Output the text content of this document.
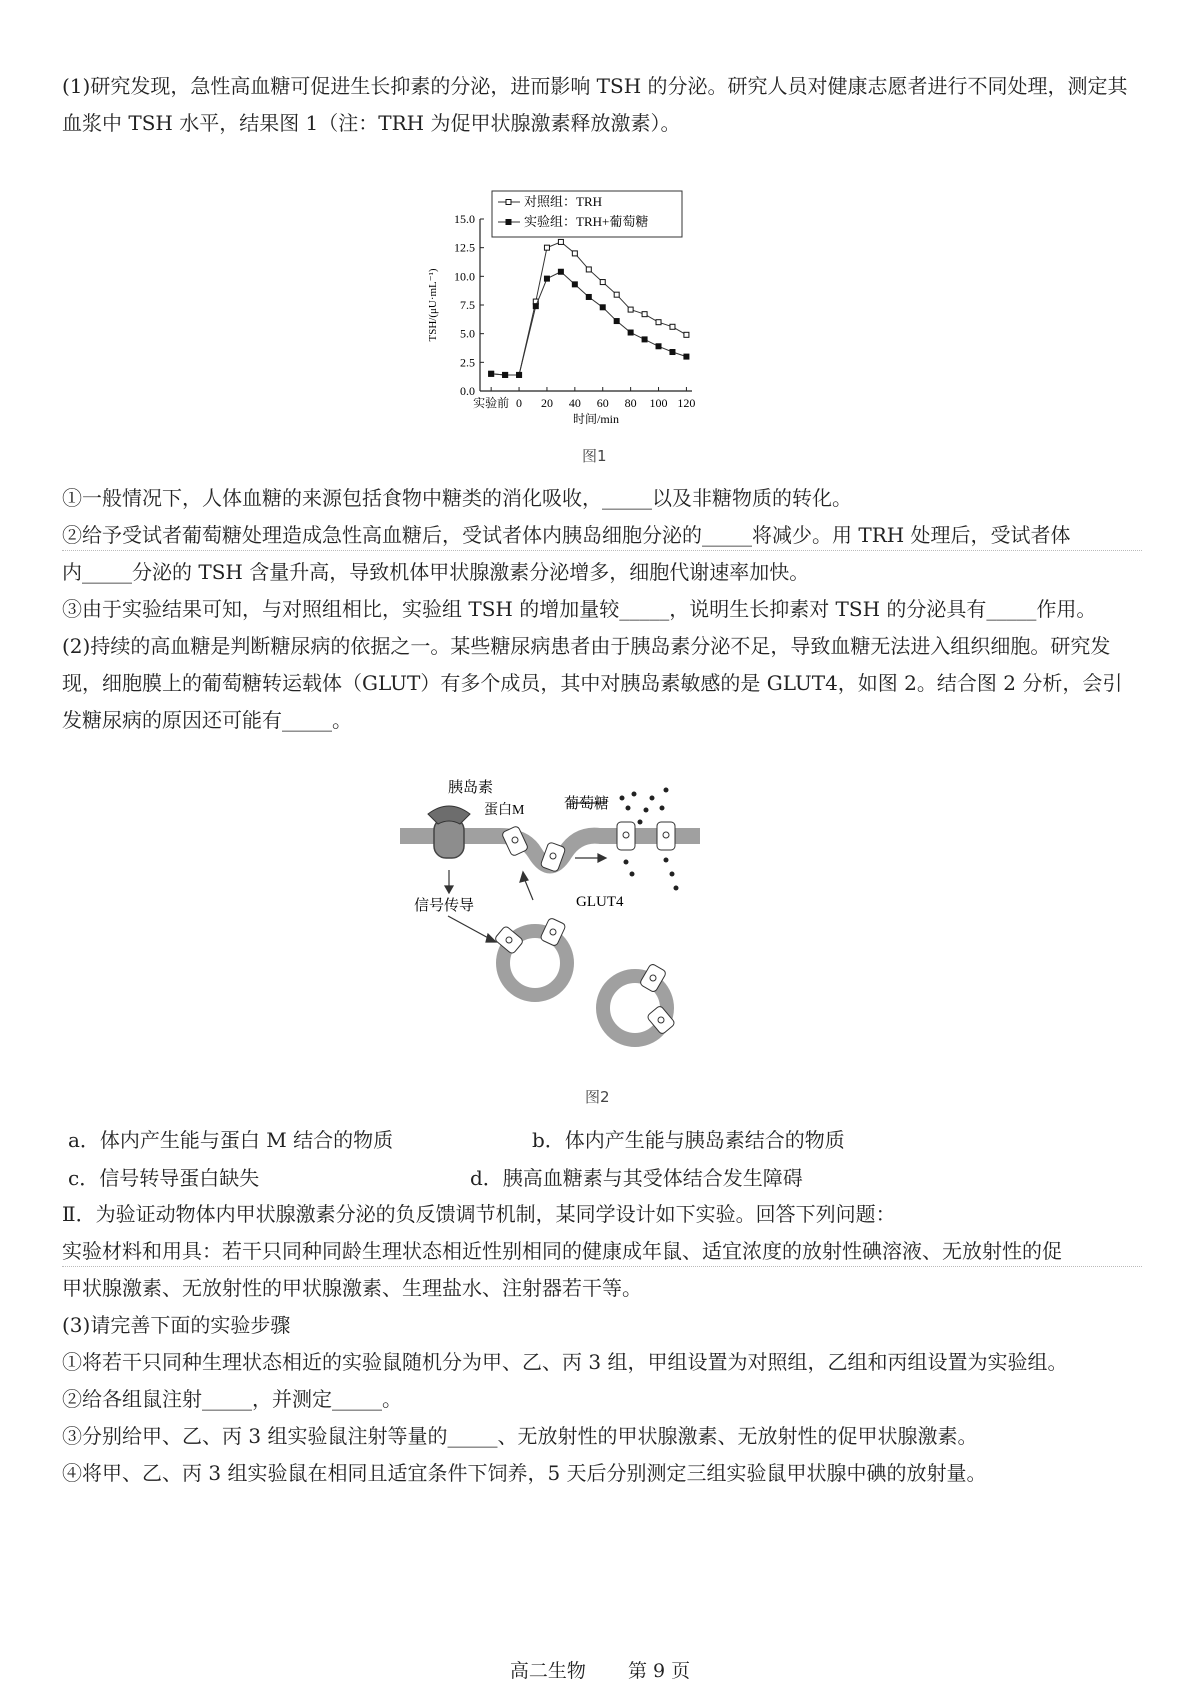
(1)研究发现，急性高血糖可促进生长抑素的分泌，进而影响 TSH 的分泌。研究人员对健康志愿者进行不同处理，测定其血浆中 TSH 水平，结果图 1（注：TRH 为促甲状腺激素释放激素）。
0.0
2.5
5.0
7.5
10.0
12.5
15.0
实验前 0 20 40 60 80 100 120
时间/min
TSH/(μU·mL⁻¹)
对照组：TRH
实验组：TRH+葡萄糖
图1
①一般情况下，人体血糖的来源包括食物中糖类的消化吸收，_____以及非糖物质的转化。
②给予受试者葡萄糖处理造成急性高血糖后，受试者体内胰岛细胞分泌的_____将减少。用 TRH 处理后，受试者体
内_____分泌的 TSH 含量升高，导致机体甲状腺激素分泌增多，细胞代谢速率加快。
③由于实验结果可知，与对照组相比，实验组 TSH 的增加量较_____，说明生长抑素对 TSH 的分泌具有_____作用。
(2)持续的高血糖是判断糖尿病的依据之一。某些糖尿病患者由于胰岛素分泌不足，导致血糖无法进入组织细胞。研究发现，细胞膜上的葡萄糖转运载体（GLUT）有多个成员，其中对胰岛素敏感的是 GLUT4，如图 2。结合图 2 分析，会引发糖尿病的原因还可能有_____。
胰岛素
蛋白M	葡萄糖
信号传导	GLUT4
图2
a．体内产生能与蛋白 M 结合的物质	b．体内产生能与胰岛素结合的物质
c．信号转导蛋白缺失	d．胰高血糖素与其受体结合发生障碍
Ⅱ．为验证动物体内甲状腺激素分泌的负反馈调节机制，某同学设计如下实验。回答下列问题：
实验材料和用具：若干只同种同龄生理状态相近性别相同的健康成年鼠、适宜浓度的放射性碘溶液、无放射性的促
甲状腺激素、无放射性的甲状腺激素、生理盐水、注射器若干等。
(3)请完善下面的实验步骤
①将若干只同种生理状态相近的实验鼠随机分为甲、乙、丙 3 组，甲组设置为对照组，乙组和丙组设置为实验组。
②给各组鼠注射_____，并测定_____。
③分别给甲、乙、丙 3 组实验鼠注射等量的_____、无放射性的甲状腺激素、无放射性的促甲状腺激素。
④将甲、乙、丙 3 组实验鼠在相同且适宜条件下饲养，5 天后分别测定三组实验鼠甲状腺中碘的放射量。
高二生物 第 9 页
